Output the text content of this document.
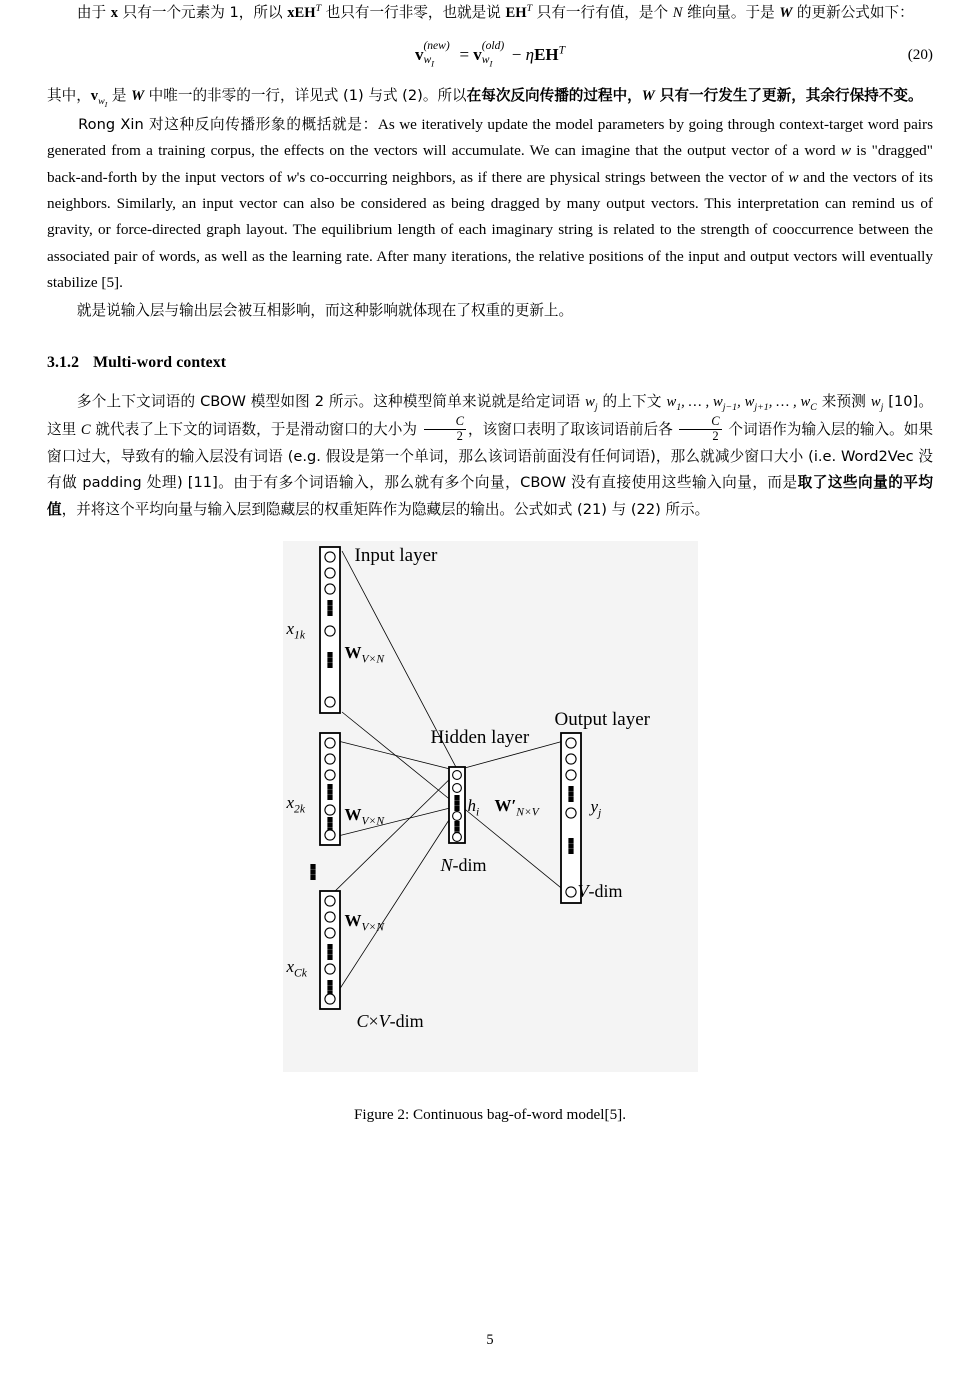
由于 x 只有一个元素为 1，所以 xEH$^T$ 也只有一行非零，也就是说 $EH^T$ 只有一行有值，是个 N 维向量。于是 W 的更新公式如下：

v
(new)
$w_I = v$
(old)
$w_I - \eta EH^T$	(20)

其中，$v_{w_I}$ 是 W 中唯一的非零的一行，详见式 (1) 与式 (2)。所以在每次反向传播的过程中，W 只有一行发生了更新，其余行保持不变。

Rong Xin 对这种反向传播形象的概括就是：As we iteratively update the model parameters by going through context-target word pairs generated from a training corpus, the effects on the vectors will accumulate. We can imagine that the output vector of a word w is "dragged" back-and-forth by the input vectors of w's co-occurring neighbors, as if there are physical strings between the vector of w and the vectors of its neighbors. Similarly, an input vector can also be considered as being dragged by many output vectors. This interpretation can remind us of gravity, or force-directed graph layout. The equilibrium length of each imaginary string is related to the strength of cooccurrence between the associated pair of words, as well as the learning rate. After many iterations, the relative positions of the input and output vectors will eventually stabilize [5].

就是说输入层与输出层会被互相影响，而这种影响就体现在了权重的更新上。

3.1.2 Multi-word context

多个上下文词语的 CBOW 模型如图 2 所示。这种模型简单来说就是给定词语 $w_j$ 的上下文 $w_1$, … , $w_{j-1}$, $w_{j+1}$, … , $w_C$ 来预测 $w_j$ [10]。这里 C 就代表了上下文的词语数，于是滑动窗口的大小为 $\frac{C}{2}$ ，该窗口表明了取该词语前后各 $\frac{C}{2}$ 个词语作为输入层的输入。如果窗口过大，导致有的输入层没有词语 (e.g. 假设是第一个单词，那么该词语前面没有任何词语)，那么就减少窗口大小 (i.e. Word2Vec 没有做 padding 处理) [11]。由于有多个词语输入，那么就有多个向量，CBOW 没有直接使用这些输入向量，而是取了这些向量的平均值，并将这个平均向量与输入层到隐藏层的权重矩阵作为隐藏层的输出。公式如式 (21) 与 (22) 所示。

Input layer
Hidden layer
Output layer
$x_{1k}$
$x_{2k}$
$x_{Ck}$
$W_{V\times N}$
$W_{V\times N}$
$W_{V\times N}$
$h_i$ $W'_{N\times V}$	$y_j$
N-dim
V-dim
C×V-dim
Figure 2: Continuous bag-of-word model[5].
5
